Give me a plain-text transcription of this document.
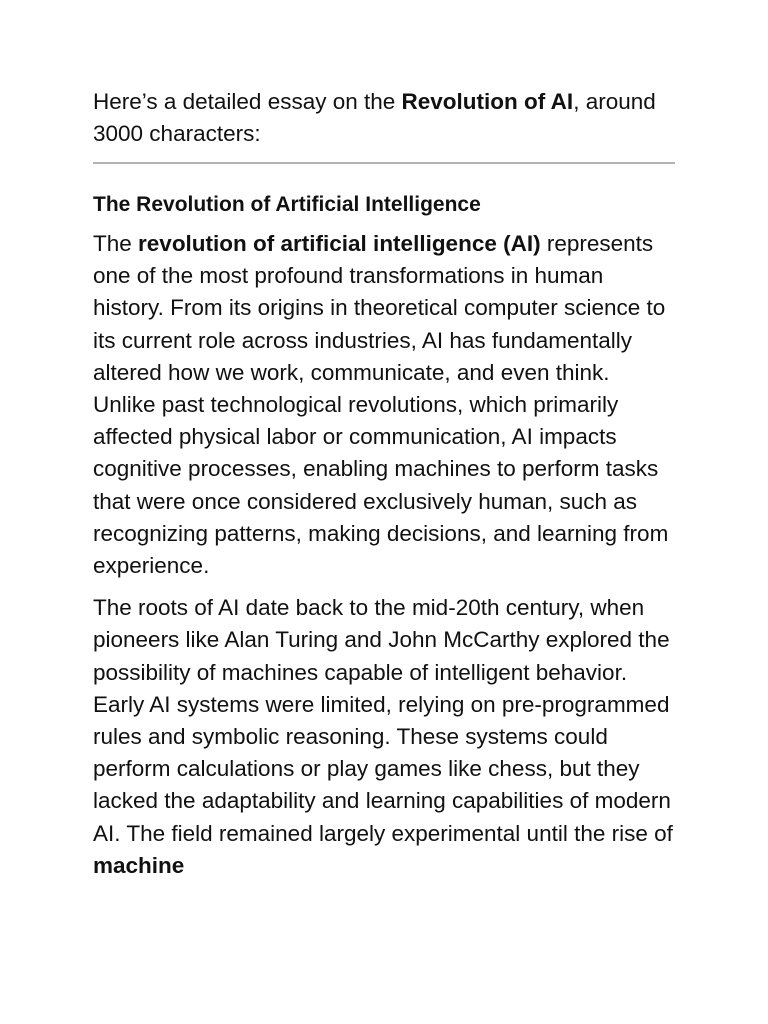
Here’s a detailed essay on the Revolution of AI, around 3000 characters:

The Revolution of Artificial Intelligence

The revolution of artificial intelligence (AI) represents one of the most profound transformations in human history. From its origins in theoretical computer science to its current role across industries, AI has fundamentally altered how we work, communicate, and even think. Unlike past technological revolutions, which primarily affected physical labor or communication, AI impacts cognitive processes, enabling machines to perform tasks that were once considered exclusively human, such as recognizing patterns, making decisions, and learning from experience.

The roots of AI date back to the mid-20th century, when pioneers like Alan Turing and John McCarthy explored the possibility of machines capable of intelligent behavior. Early AI systems were limited, relying on pre-programmed rules and symbolic reasoning. These systems could perform calculations or play games like chess, but they lacked the adaptability and learning capabilities of modern AI. The field remained largely experimental until the rise of machine
